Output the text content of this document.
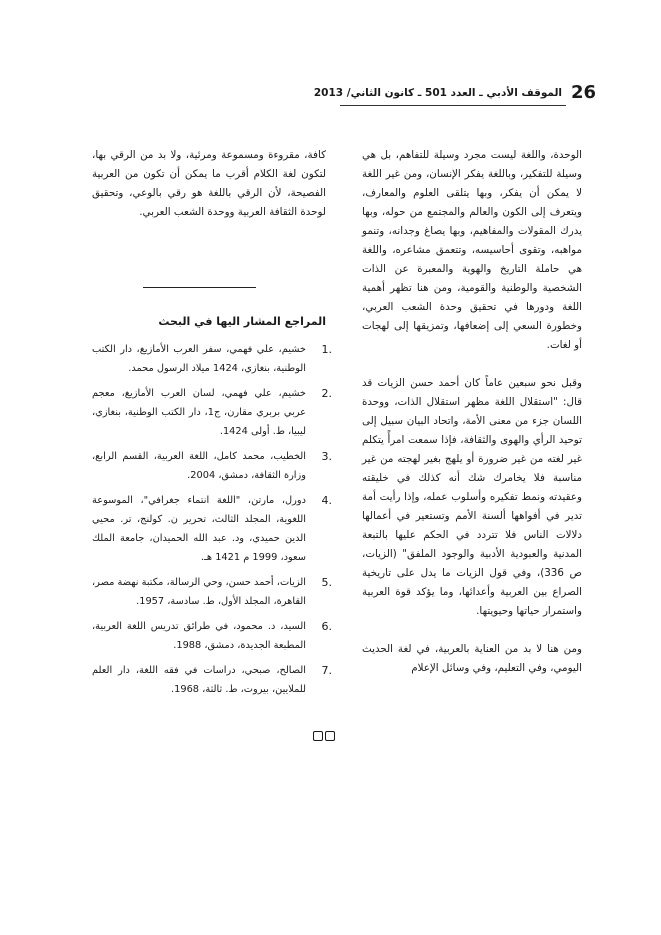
26
الموقف الأدبي ـ العدد 501 ـ كانون الثاني/ 2013

الوحدة، واللغة ليست مجرد وسيلة للتفاهم، بل هي وسيلة للتفكير، وباللغة يفكر الإنسان، ومن غير اللغة لا يمكن أن يفكر، وبها يتلقى العلوم والمعارف، ويتعرف إلى الكون والعالم والمجتمع من حوله، وبها يدرك المقولات والمفاهيم، وبها يصاغ وجدانه، وتنمو مواهبه، وتقوى أحاسيسه، وتتعمق مشاعره، واللغة هي حاملة التاريخ والهوية والمعبرة عن الذات الشخصية والوطنية والقومية، ومن هنا تظهر أهمية اللغة ودورها في تحقيق وحدة الشعب العربي، وخطورة السعي إلى إضعافها، وتمزيقها إلى لهجات أو لغات.

وقبل نحو سبعين عاماً كان أحمد حسن الزيات قد قال: "استقلال اللغة مظهر استقلال الذات، ووحدة اللسان جزء من معنى الأمة، واتحاد البيان سبيل إلى توحيد الرأي والهوى والثقافة، فإذا سمعت امرأً يتكلم غير لغته من غير ضرورة أو يلهج بغير لهجته من غير مناسبة فلا يخامرك شك أنه كذلك في خليقته وعقيدته ونمط تفكيره وأسلوب عمله، وإذا رأيت أمة تدير في أفواهها ألسنة الأمم وتستعير في أعمالها دلالات الناس فلا تتردد في الحكم عليها بالتبعة المدنية والعبودية الأدبية والوجود الملفق" (الزيات، ص 336)، وفي قول الزيات ما يدل على تاريخية الصراع بين العربية وأعدائها، وما يؤكد قوة العربية واستمرار حياتها وحيويتها.

ومن هنا لا بد من العناية بالعربية، في لغة الحديث اليومي، وفي التعليم، وفي وسائل الإعلام

كافة، مقروءة ومسموعة ومرئية، ولا بد من الرقي بها، لتكون لغة الكلام أقرب ما يمكن أن تكون من العربية الفصيحة، لأن الرقي باللغة هو رقي بالوعي، وتحقيق لوحدة الثقافة العربية ووحدة الشعب العربي.

المراجع المشار اليها في البحث
1.
خشيم، علي فهمي، سفر العرب الأمازيغ، دار الكتب الوطنية، بنغازي، 1424 ميلاد الرسول محمد.
2.
خشيم، علي فهمي، لسان العرب الأمازيغ، معجم عربي بربري مقارن، ج1، دار الكتب الوطنية، بنغازي، ليبيا، ط. أولى 1424.
3.
الخطيب، محمد كامل، اللغة العربية، القسم الرابع، وزارة الثقافة، دمشق، 2004.
4.
دورل، مارتن، "اللغة انتماء جغرافي"، الموسوعة اللغوية، المجلد الثالث، تحرير ن. كولنج، تر. محيي الدين حميدي، ود. عبد الله الحميدان، جامعة الملك سعود، 1999 م 1421 هـ.
5.
الزيات، أحمد حسن، وحي الرسالة، مكتبة نهضة مصر، القاهرة، المجلد الأول، ط. سادسة، 1957.
6.
السيد، د. محمود، في طرائق تدريس اللغة العربية، المطبعة الجديدة، دمشق، 1988.
7.
الصالح، صبحي، دراسات في فقه اللغة، دار العلم للملايين، بيروت، ط. ثالثة، 1968.
